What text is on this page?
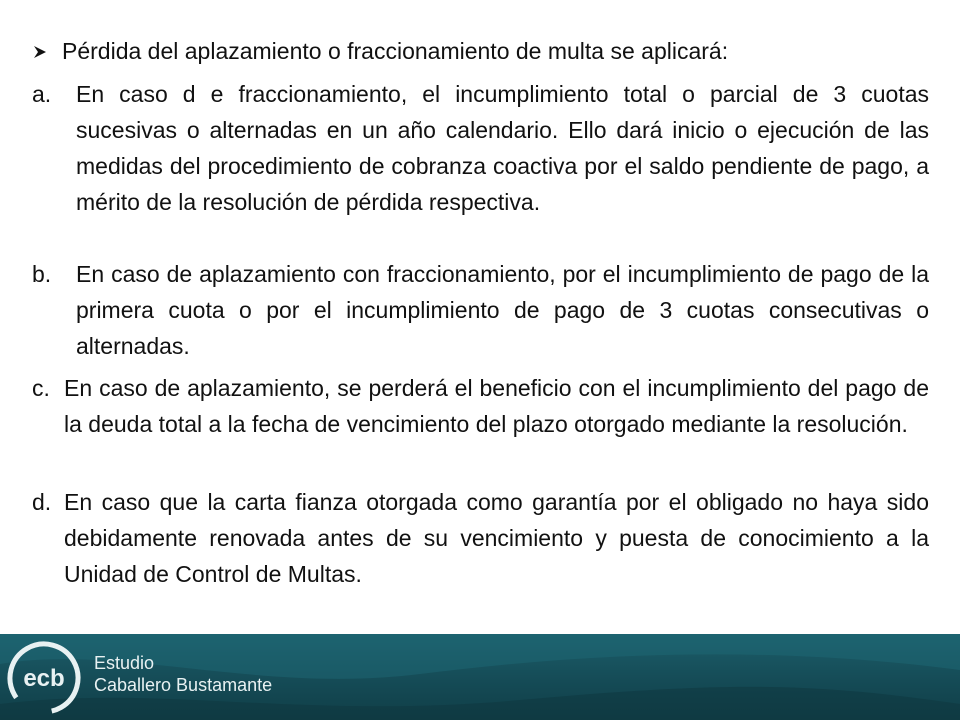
Pérdida del aplazamiento o fraccionamiento de multa se aplicará:
a. En caso d e fraccionamiento, el incumplimiento total o parcial de 3 cuotas sucesivas o alternadas en un año calendario. Ello dará inicio o ejecución de las medidas del procedimiento de cobranza coactiva por el saldo pendiente de pago, a mérito de la resolución de pérdida respectiva.
b. En caso de aplazamiento con fraccionamiento, por el incumplimiento de pago de la primera cuota o por el incumplimiento de pago de 3 cuotas consecutivas o alternadas.
c. En caso de aplazamiento, se perderá el beneficio con el incumplimiento del pago de la deuda total a la fecha de vencimiento del plazo otorgado mediante la resolución.
d. En caso que la carta fianza otorgada como garantía por el obligado no haya sido debidamente renovada antes de su vencimiento y puesta de conocimiento a la Unidad de Control de Multas.
ecb
Estudio
Caballero Bustamante
